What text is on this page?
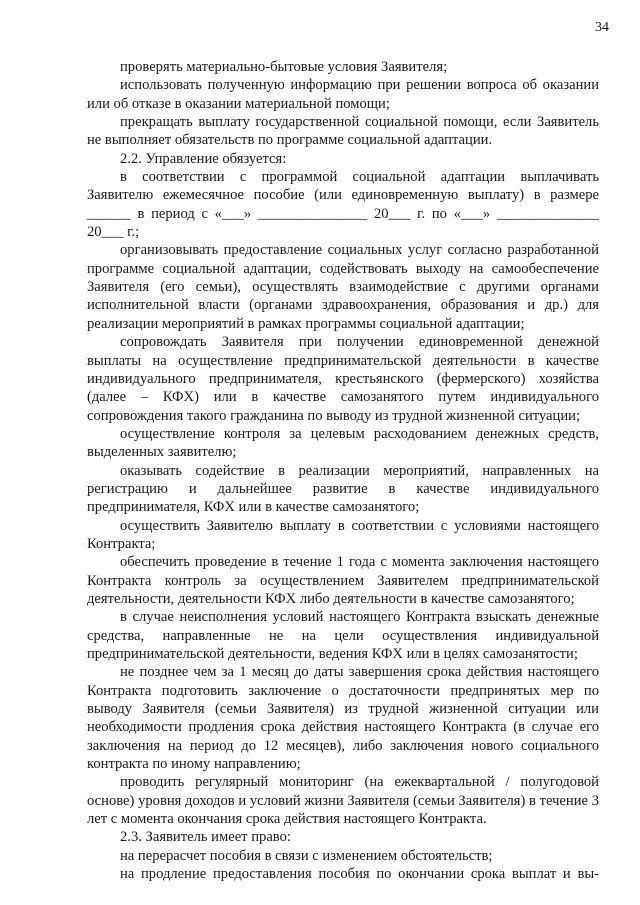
34

проверять материально-бытовые условия Заявителя;

использовать полученную информацию при решении вопроса об оказании или об отказе в оказании материальной помощи;

прекращать выплату государственной социальной помощи, если Заявитель не выполняет обязательств по программе социальной адаптации.

2.2. Управление обязуется:

в соответствии с программой социальной адаптации выплачивать Заявителю ежемесячное пособие (или единовременную выплату) в размере ______ в период с «___» _______________ 20___ г. по «___» ______________ 20___ г.;

организовывать предоставление социальных услуг согласно разработанной программе социальной адаптации, содействовать выходу на самообеспечение Заявителя (его семьи), осуществлять взаимодействие с другими органами исполнительной власти (органами здравоохранения, образования и др.) для реализации мероприятий в рамках программы социальной адаптации;

сопровождать Заявителя при получении единовременной денежной выплаты на осуществление предпринимательской деятельности в качестве индивидуального предпринимателя, крестьянского (фермерского) хозяйства (далее – КФХ) или в качестве самозанятого путем индивидуального сопровождения такого гражданина по выводу из трудной жизненной ситуации;

осуществление контроля за целевым расходованием денежных средств, выделенных заявителю;

оказывать содействие в реализации мероприятий, направленных на регистрацию и дальнейшее развитие в качестве индивидуального предпринимателя, КФХ или в качестве самозанятого;

осуществить Заявителю выплату в соответствии с условиями настоящего Контракта;

обеспечить проведение в течение 1 года с момента заключения настоящего Контракта контроль за осуществлением Заявителем предпринимательской деятельности, деятельности КФХ либо деятельности в качестве самозанятого;

в случае неисполнения условий настоящего Контракта взыскать денежные средства, направленные не на цели осуществления индивидуальной предпринимательской деятельности, ведения КФХ или в целях самозанятости;

не позднее чем за 1 месяц до даты завершения срока действия настоящего Контракта подготовить заключение о достаточности предпринятых мер по выводу Заявителя (семьи Заявителя) из трудной жизненной ситуации или необходимости продления срока действия настоящего Контракта (в случае его заключения на период до 12 месяцев), либо заключения нового социального контракта по иному направлению;

проводить регулярный мониторинг (на ежеквартальной / полугодовой основе) уровня доходов и условий жизни Заявителя (семьи Заявителя) в течение 3 лет с момента окончания срока действия настоящего Контракта.

2.3. Заявитель имеет право:

на перерасчет пособия в связи с изменением обстоятельств;

на продление предоставления пособия по окончании срока выплат и вы-
